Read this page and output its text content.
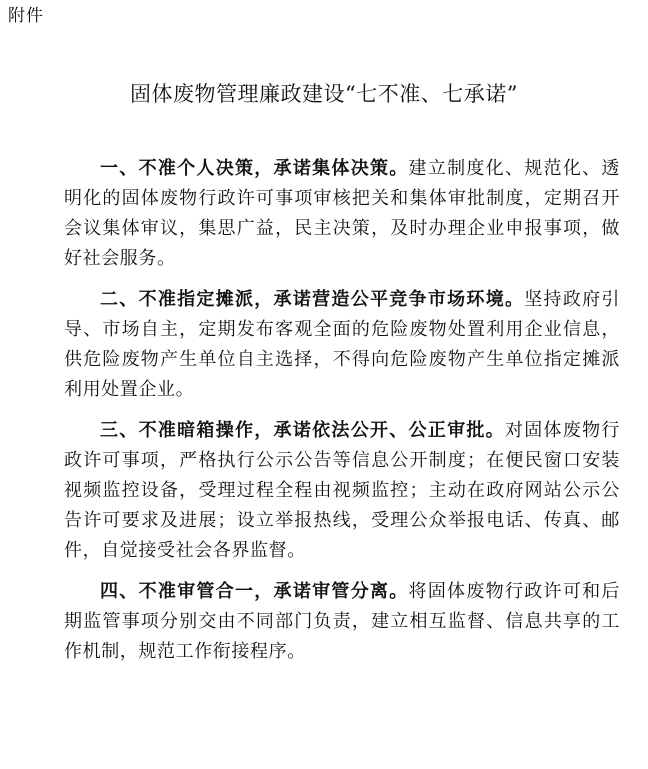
附件
固体废物管理廉政建设“七不准、七承诺”

一、不准个人决策，承诺集体决策。建立制度化、规范化、透明化的固体废物行政许可事项审核把关和集体审批制度，定期召开会议集体审议，集思广益，民主决策，及时办理企业申报事项，做好社会服务。

二、不准指定摊派，承诺营造公平竞争市场环境。坚持政府引导、市场自主，定期发布客观全面的危险废物处置利用企业信息，供危险废物产生单位自主选择，不得向危险废物产生单位指定摊派利用处置企业。

三、不准暗箱操作，承诺依法公开、公正审批。对固体废物行政许可事项，严格执行公示公告等信息公开制度；在便民窗口安装视频监控设备，受理过程全程由视频监控；主动在政府网站公示公告许可要求及进展；设立举报热线，受理公众举报电话、传真、邮件，自觉接受社会各界监督。

四、不准审管合一，承诺审管分离。将固体废物行政许可和后期监管事项分别交由不同部门负责，建立相互监督、信息共享的工作机制，规范工作衔接程序。
